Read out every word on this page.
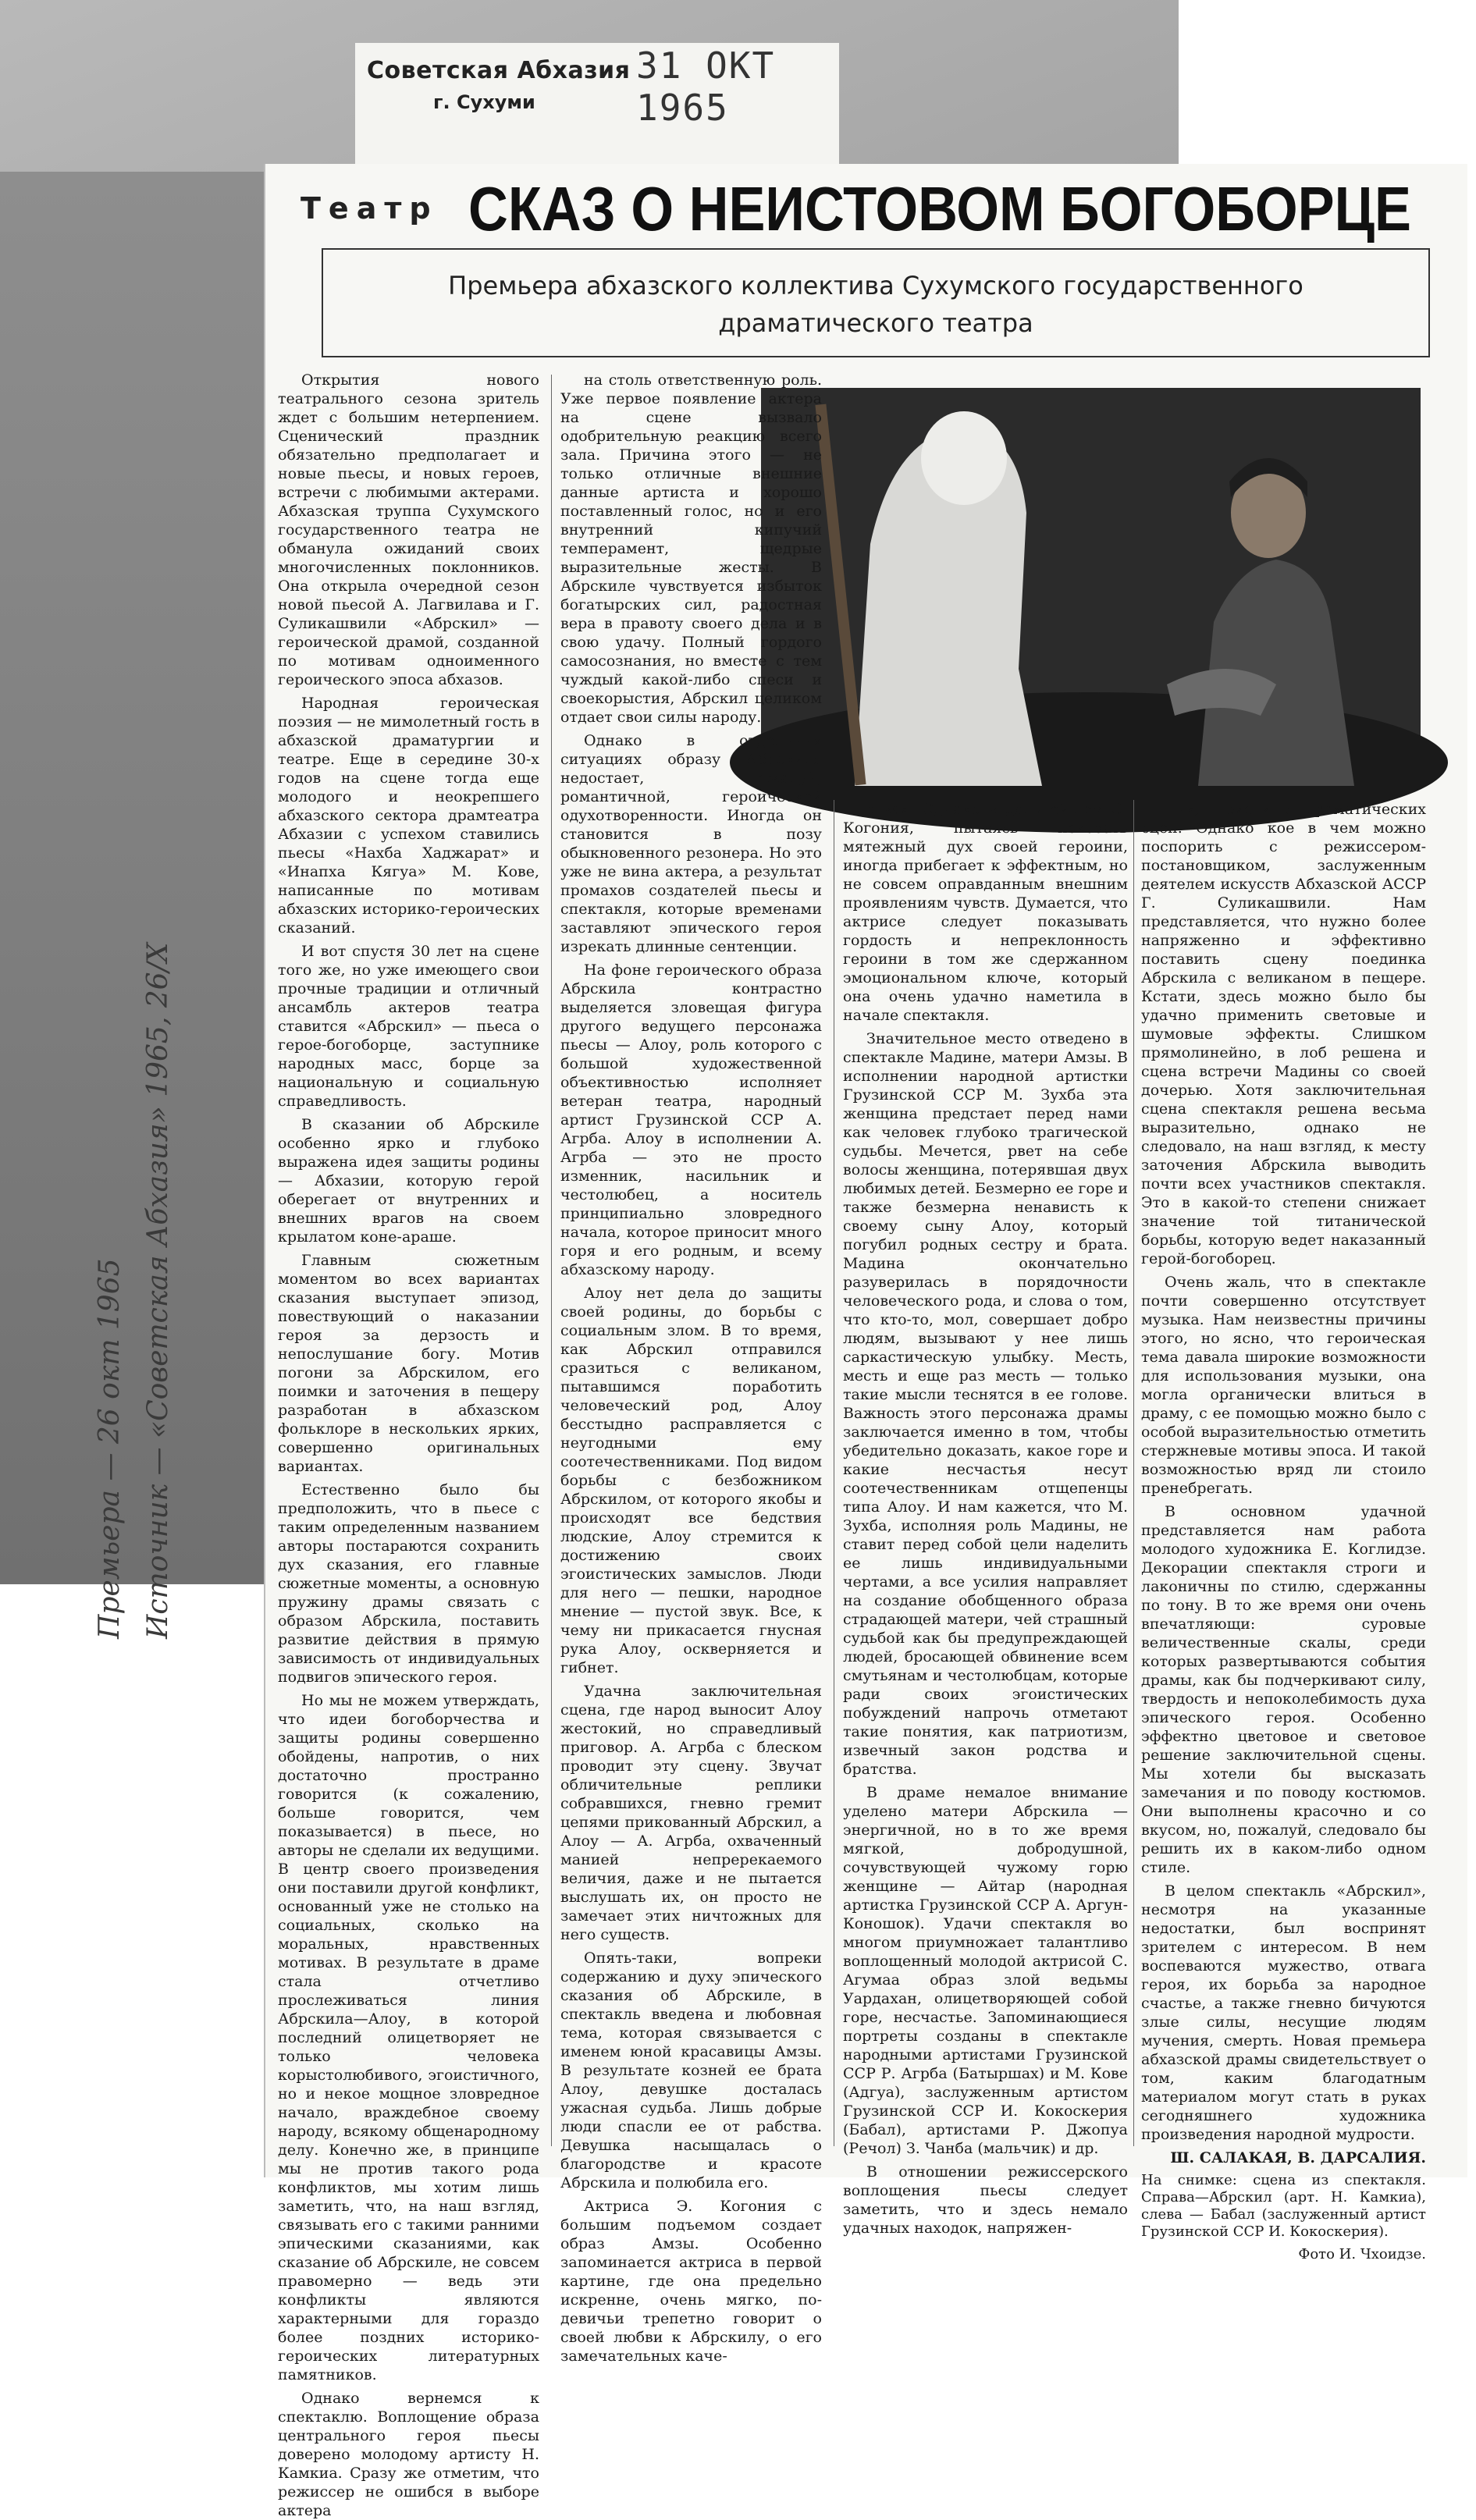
Советская Абхазия
г. Сухуми
31 ОКТ 1965
Премьера — 26 окт 1965 Источник — «Советская Абхазия» 1965, 26/Х
Театр СКАЗ О НЕИСТОВОМ БОГОБОРЦЕ
Премьера абхазского коллектива Сухумского государственного
драматического театра

Открытия нового театрального сезона зритель ждет с большим нетерпением. Сценический праздник обязательно предполагает и новые пьесы, и новых героев, встречи с любимыми актерами. Абхазская труппа Сухумского государственного театра не обманула ожиданий своих многочисленных поклонников. Она открыла очередной сезон новой пьесой А. Лагвилава и Г. Суликашвили «Абрскил» — героической драмой, созданной по мотивам одноименного героического эпоса абхазов.

Народная героическая поэзия — не мимолетный гость в абхазской драматургии и театре. Еще в середине 30-х годов на сцене тогда еще молодого и неокрепшего абхазского сектора драмтеатра Абхазии с успехом ставились пьесы «Нахба Хаджарат» и «Инапха Кягуа» М. Кове, написанные по мотивам абхазских историко-героических сказаний.

И вот спустя 30 лет на сцене того же, но уже имеющего свои прочные традиции и отличный ансамбль актеров театра ставится «Абрскил» — пьеса о герое-богоборце, заступнике народных масс, борце за национальную и социальную справедливость.

В сказании об Абрскиле особенно ярко и глубоко выражена идея защиты родины — Абхазии, которую герой оберегает от внутренних и внешних врагов на своем крылатом коне-араше.

Главным сюжетным моментом во всех вариантах сказания выступает эпизод, повествующий о наказании героя за дерзость и непослушание богу. Мотив погони за Абрскилом, его поимки и заточения в пещеру разработан в абхазском фольклоре в нескольких ярких, совершенно оригинальных вариантах.

Естественно было бы предположить, что в пьесе с таким определенным названием авторы постараются сохранить дух сказания, его главные сюжетные моменты, а основную пружину драмы связать с образом Абрскила, поставить развитие действия в прямую зависимость от индивидуальных подвигов эпического героя.

Но мы не можем утверждать, что идеи богоборчества и защиты родины совершенно обойдены, напротив, о них достаточно пространно говорится (к сожалению, больше говорится, чем показывается) в пьесе, но авторы не сделали их ведущими. В центр своего произведения они поставили другой конфликт, основанный уже не столько на социальных, сколько на моральных, нравственных мотивах. В результате в драме стала отчетливо прослеживаться линия Абрскила—Алоу, в которой последний олицетворяет не только человека корыстолюбивого, эгоистичного, но и некое мощное зловредное начало, враждебное своему народу, всякому общенародному делу. Конечно же, в принципе мы не против такого рода конфликтов, мы хотим лишь заметить, что, на наш взгляд, связывать его с такими ранними эпическими сказаниями, как сказание об Абрскиле, не совсем правомерно — ведь эти конфликты являются характерными для гораздо более поздних историко-героических литературных памятников.

Однако вернемся к спектаклю. Воплощение образа центрального героя пьесы доверено молодому артисту Н. Камкиа. Сразу же отметим, что режиссер не ошибся в выборе актера

на столь ответственную роль. Уже первое появление актера на сцене вызвало одобрительную реакцию всего зала. Причина этого — не только отличные внешние данные артиста и хорошо поставленный голос, но и его внутренний кипучий темперамент, щедрые выразительные жесты. В Абрскиле чувствуется избыток богатырских сил, радостная вера в правоту своего дела и в свою удачу. Полный гордого самосознания, но вместе с тем чуждый какой-либо спеси и своекорыстия, Абрскил целиком отдает свои силы народу.

Однако в отдельных ситуациях образу Абрскила недостает, пожалуй, романтичной, героической одухотворенности. Иногда он становится в позу обыкновенного резонера. Но это уже не вина актера, а результат промахов создателей пьесы и спектакля, которые временами заставляют эпического героя изрекать длинные сентенции.

На фоне героического образа Абрскила контрастно выделяется зловещая фигура другого ведущего персонажа пьесы — Алоу, роль которого с большой художественной объективностью исполняет ветеран театра, народный артист Грузинской ССР А. Агрба. Алоу в исполнении А. Агрба — это не просто изменник, насильник и честолюбец, а носитель принципиально зловредного начала, которое приносит много горя и его родным, и всему абхазскому народу.

Алоу нет дела до защиты своей родины, до борьбы с социальным злом. В то время, как Абрскил отправился сразиться с великаном, пытавшимся поработить человеческий род, Алоу бесстыдно расправляется с неугодными ему соотечественниками. Под видом борьбы с безбожником Абрскилом, от которого якобы и происходят все бедствия людские, Алоу стремится к достижению своих эгоистических замыслов. Люди для него — пешки, народное мнение — пустой звук. Все, к чему ни прикасается гнусная рука Алоу, оскверняется и гибнет.

Удачна заключительная сцена, где народ выносит Алоу жестокий, но справедливый приговор. А. Агрба с блеском проводит эту сцену. Звучат обличительные реплики собравшихся, гневно гремит цепями прикованный Абрскил, а Алоу — А. Агрба, охваченный манией непререкаемого величия, даже и не пытается выслушать их, он просто не замечает этих ничтожных для него существ.

Опять-таки, вопреки содержанию и духу эпического сказания об Абрскиле, в спектакль введена и любовная тема, которая связывается с именем юной красавицы Амзы. В результате козней ее брата Алоу, девушке досталась ужасная судьба. Лишь добрые люди спасли ее от рабства. Девушка насыщалась о благородстве и красоте Абрскила и полюбила его.

Актриса Э. Когония с большим подъемом создает образ Амзы. Особенно запоминается актриса в первой картине, где она предельно искренне, очень мягко, по-девичьи трепетно говорит о своей любви к Абрскилу, о его замечательных каче-

ствах. Однако в дальнейшем Э. Когония, пытаясь показать мятежный дух своей героини, иногда прибегает к эффектным, но не совсем оправданным внешним проявлениям чувств. Думается, что актрисе следует показывать гордость и непреклонность героини в том же сдержанном эмоциональном ключе, который она очень удачно наметила в начале спектакля.

Значительное место отведено в спектакле Мадине, матери Амзы. В исполнении народной артистки Грузинской ССР М. Зухба эта женщина предстает перед нами как человек глубоко трагической судьбы. Мечется, рвет на себе волосы женщина, потерявшая двух любимых детей. Безмерно ее горе и также безмерна ненависть к своему сыну Алоу, который погубил родных сестру и брата. Мадина окончательно разуверилась в порядочности человеческого рода, и слова о том, что кто-то, мол, совершает добро людям, вызывают у нее лишь саркастическую улыбку. Месть, месть и еще раз месть — только такие мысли теснятся в ее голове. Важность этого персонажа драмы заключается именно в том, чтобы убедительно доказать, какое горе и какие несчастья несут соотечественникам отщепенцы типа Алоу. И нам кажется, что М. Зухба, исполняя роль Мадины, не ставит перед собой цели наделить ее лишь индивидуальными чертами, а все усилия направляет на создание обобщенного образа страдающей матери, чей страшный судьбой как бы предупреждающей людей, бросающей обвинение всем смутьянам и честолюбцам, которые ради своих эгоистических побуждений напрочь отметают такие понятия, как патриотизм, извечный закон родства и братства.

В драме немалое внимание уделено матери Абрскила — энергичной, но в то же время мягкой, добродушной, сочувствующей чужому горю женщине — Айтар (народная артистка Грузинской ССР А. Аргун-Коношок). Удачи спектакля во многом приумножает талантливо воплощенный молодой актрисой С. Агумаа образ злой ведьмы Уардахан, олицетворяющей собой горе, несчастье. Запоминающиеся портреты созданы в спектакле народными артистами Грузинской ССР Р. Агрба (Батыршах) и М. Кове (Адгуа), заслуженным артистом Грузинской ССР И. Кокоскерия (Бабал), артистами Р. Джопуа (Речол) З. Чанба (мальчик) и др.

В отношении режиссерского воплощения пьесы следует заметить, что и здесь немало удачных находок, напряжен-

ных, поистине драматических сцен. Однако кое в чем можно поспорить с режиссером-постановщиком, заслуженным деятелем искусств Абхазской АССР Г. Суликашвили. Нам представляется, что нужно более напряженно и эффективно поставить сцену поединка Абрскила с великаном в пещере. Кстати, здесь можно было бы удачно применить световые и шумовые эффекты. Слишком прямолинейно, в лоб решена и сцена встречи Мадины со своей дочерью. Хотя заключительная сцена спектакля решена весьма выразительно, однако не следовало, на наш взгляд, к месту заточения Абрскила выводить почти всех участников спектакля. Это в какой-то степени снижает значение той титанической борьбы, которую ведет наказанный герой-богоборец.

Очень жаль, что в спектакле почти совершенно отсутствует музыка. Нам неизвестны причины этого, но ясно, что героическая тема давала широкие возможности для использования музыки, она могла органически влиться в драму, с ее помощью можно было с особой выразительностью отметить стержневые мотивы эпоса. И такой возможностью вряд ли стоило пренебрегать.

В основном удачной представляется нам работа молодого художника Е. Коглидзе. Декорации спектакля строги и лаконичны по стилю, сдержанны по тону. В то же время они очень впечатляющи: суровые величественные скалы, среди которых развертываются события драмы, как бы подчеркивают силу, твердость и непоколебимость духа эпического героя. Особенно эффектно цветовое и световое решение заключительной сцены. Мы хотели бы высказать замечания и по поводу костюмов. Они выполнены красочно и со вкусом, но, пожалуй, следовало бы решить их в каком-либо одном стиле.

В целом спектакль «Абрскил», несмотря на указанные недостатки, был воспринят зрителем с интересом. В нем воспеваются мужество, отвага героя, их борьба за народное счастье, а также гневно бичуются злые силы, несущие людям мучения, смерть. Новая премьера абхазской драмы свидетельствует о том, каким благодатным материалом могут стать в руках сегодняшнего художника произведения народной мудрости.

Ш. САЛАКАЯ, В. ДАРСАЛИЯ.

На снимке: сцена из спектакля. Справа—Абрскил (арт. Н. Камкиа), слева — Бабал (заслуженный артист Грузинской ССР И. Кокоскерия).

Фото И. Чхоидзе.
